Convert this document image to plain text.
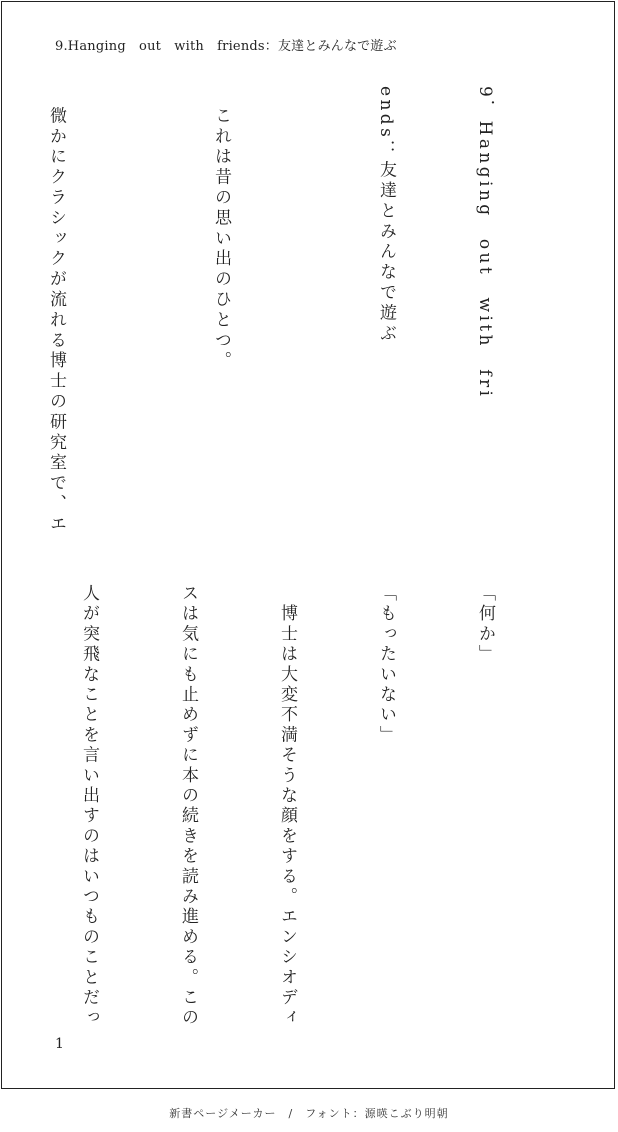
9.Hanging　out　with　friends：友達とみんなで遊ぶ

9．Hanging　out　with　fri

ends：友達とみんなで遊ぶ

　これは昔の思い出のひとつ。

　微かにクラシックが流れる博士の研究室で、エ

「何か」

「もったいない」

　博士は大変不満そうな顔をする。エンシオディ

スは気にも止めずに本の続きを読み進める。この

人が突飛なことを言い出すのはいつものことだっ

1
新書ページメーカー　/　フォント：源暎こぶり明朝
